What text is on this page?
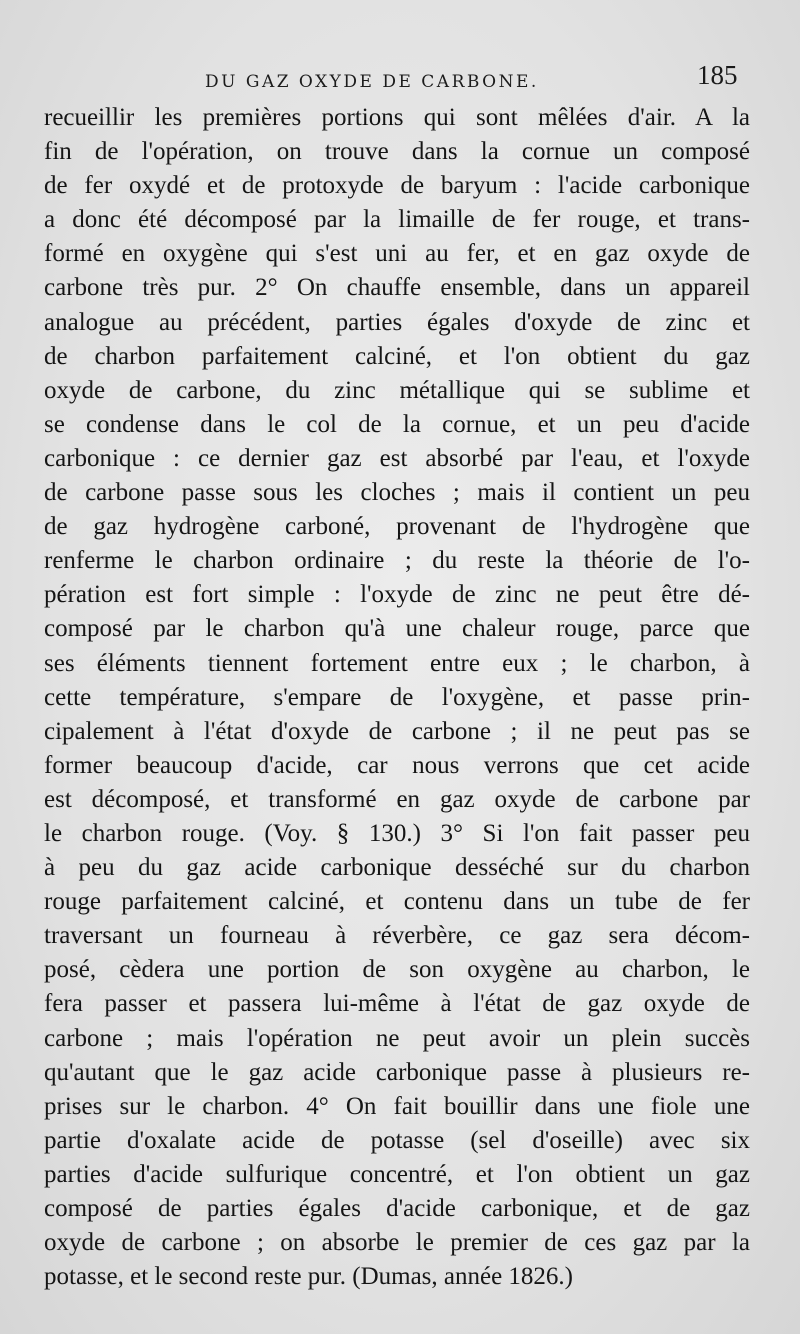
DU GAZ OXYDE DE CARBONE.	185
recueillir les premières portions qui sont mêlées d'air. A la
fin de l'opération, on trouve dans la cornue un composé
de fer oxydé et de protoxyde de baryum : l'acide carbonique
a donc été décomposé par la limaille de fer rouge, et trans-
formé en oxygène qui s'est uni au fer, et en gaz oxyde de
carbone très pur. 2° On chauffe ensemble, dans un appareil
analogue au précédent, parties égales d'oxyde de zinc et
de charbon parfaitement calciné, et l'on obtient du gaz
oxyde de carbone, du zinc métallique qui se sublime et
se condense dans le col de la cornue, et un peu d'acide
carbonique : ce dernier gaz est absorbé par l'eau, et l'oxyde
de carbone passe sous les cloches ; mais il contient un peu
de gaz hydrogène carboné, provenant de l'hydrogène que
renferme le charbon ordinaire ; du reste la théorie de l'o-
pération est fort simple : l'oxyde de zinc ne peut être dé-
composé par le charbon qu'à une chaleur rouge, parce que
ses éléments tiennent fortement entre eux ; le charbon, à
cette température, s'empare de l'oxygène, et passe prin-
cipalement à l'état d'oxyde de carbone ; il ne peut pas se
former beaucoup d'acide, car nous verrons que cet acide
est décomposé, et transformé en gaz oxyde de carbone par
le charbon rouge. (Voy. § 130.) 3° Si l'on fait passer peu
à peu du gaz acide carbonique desséché sur du charbon
rouge parfaitement calciné, et contenu dans un tube de fer
traversant un fourneau à réverbère, ce gaz sera décom-
posé, cèdera une portion de son oxygène au charbon, le
fera passer et passera lui-même à l'état de gaz oxyde de
carbone ; mais l'opération ne peut avoir un plein succès
qu'autant que le gaz acide carbonique passe à plusieurs re-
prises sur le charbon. 4° On fait bouillir dans une fiole une
partie d'oxalate acide de potasse (sel d'oseille) avec six
parties d'acide sulfurique concentré, et l'on obtient un gaz
composé de parties égales d'acide carbonique, et de gaz
oxyde de carbone ; on absorbe le premier de ces gaz par la
potasse, et le second reste pur. (Dumas, année 1826.)
